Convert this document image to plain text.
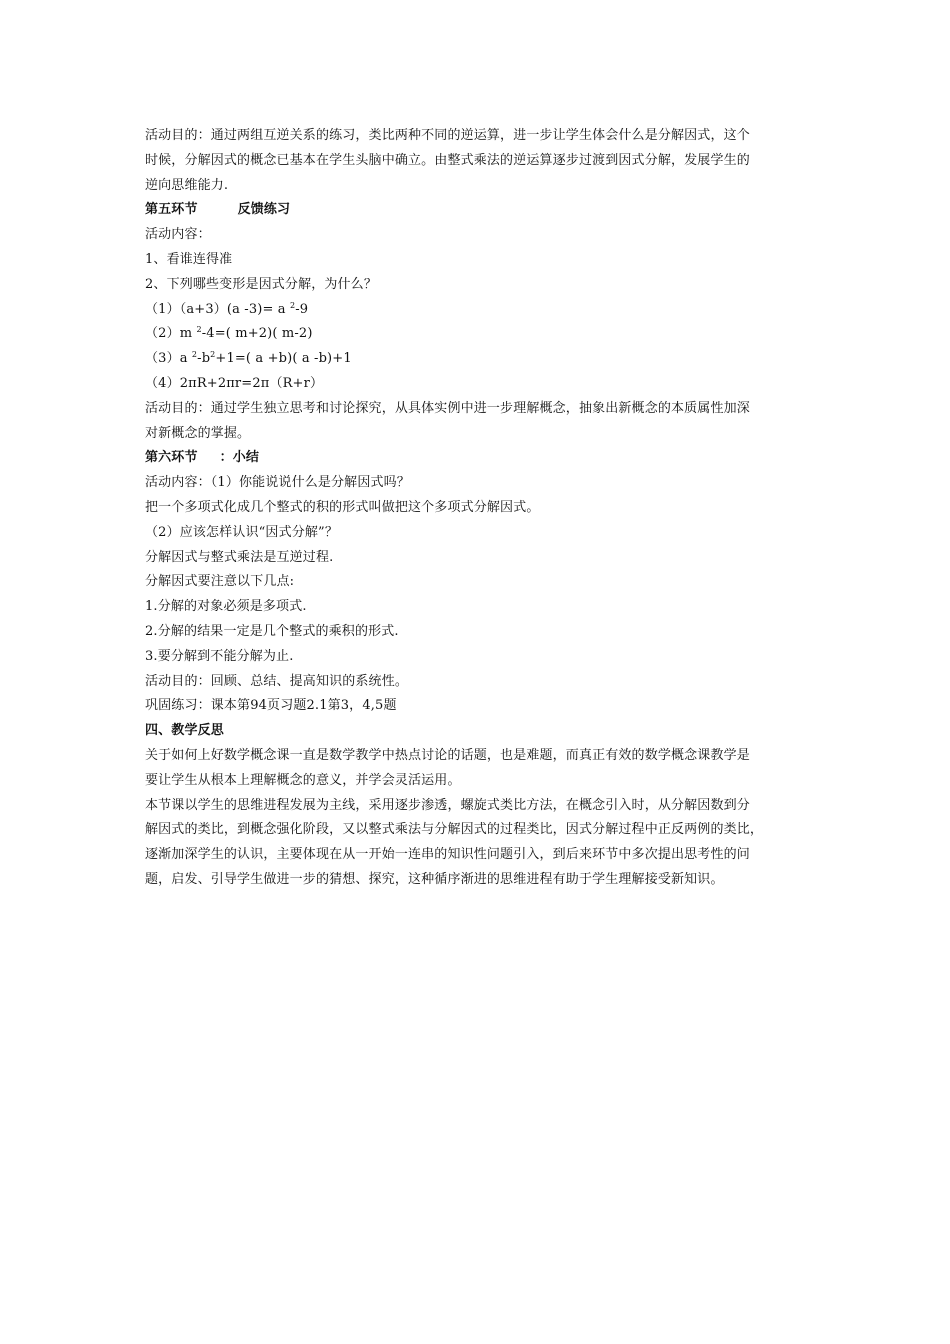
活动目的：通过两组互逆关系的练习，类比两种不同的逆运算，进一步让学生体会什么是分解因式，这个
时候，分解因式的概念已基本在学生头脑中确立。由整式乘法的逆运算逐步过渡到因式分解，发展学生的
逆向思维能力.
第五环节	反馈练习
活动内容：
1、看谁连得准
2、下列哪些变形是因式分解，为什么？
（1）（a+3）(a -3)= a $^2$-9
（2）m $^2$-4=( m+2)( m-2)
（3）a $^2-b^2+1=$( a +b)( a -b)+1
（4）2πR+2πr=2π（R+r）
活动目的：通过学生独立思考和讨论探究，从具体实例中进一步理解概念，抽象出新概念的本质属性加深
对新概念的掌握。
第六环节 ：小结
活动内容：（1）你能说说什么是分解因式吗？
把一个多项式化成几个整式的积的形式叫做把这个多项式分解因式。
（2）应该怎样认识“因式分解”？
分解因式与整式乘法是互逆过程.
分解因式要注意以下几点:
1.分解的对象必须是多项式.
2.分解的结果一定是几个整式的乘积的形式.
3.要分解到不能分解为止.
活动目的：回顾、总结、提高知识的系统性。
巩固练习：课本第94页习题2.1第3，4,5题
四、教学反思
关于如何上好数学概念课一直是数学教学中热点讨论的话题，也是难题，而真正有效的数学概念课教学是
要让学生从根本上理解概念的意义，并学会灵活运用。
本节课以学生的思维进程发展为主线，采用逐步渗透，螺旋式类比方法，在概念引入时，从分解因数到分
解因式的类比，到概念强化阶段，又以整式乘法与分解因式的过程类比，因式分解过程中正反两例的类比，
逐渐加深学生的认识，主要体现在从一开始一连串的知识性问题引入，到后来环节中多次提出思考性的问
题，启发、引导学生做进一步的猜想、探究，这种循序渐进的思维进程有助于学生理解接受新知识。
